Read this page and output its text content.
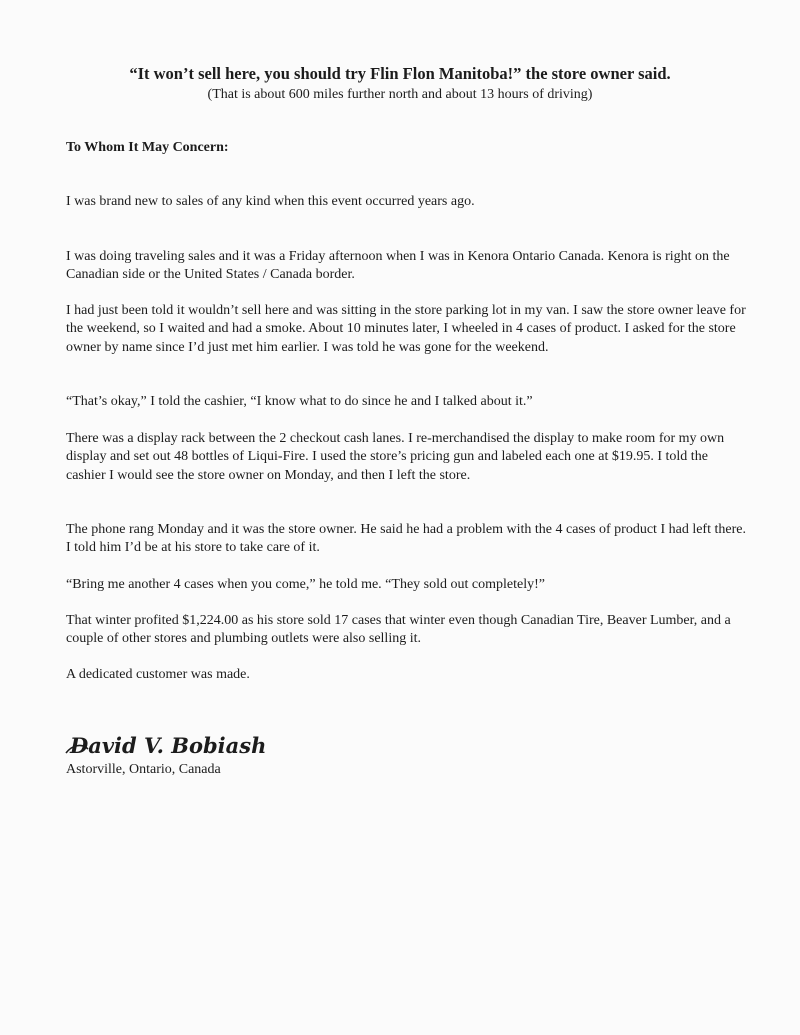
“It won’t sell here, you should try Flin Flon Manitoba!” the store owner said.

(That is about 600 miles further north and about 13 hours of driving)

To Whom It May Concern:

I was brand new to sales of any kind when this event occurred years ago.

I was doing traveling sales and it was a Friday afternoon when I was in Kenora Ontario Canada. Kenora is right on the Canadian side or the United States / Canada border.

I had just been told it wouldn’t sell here and was sitting in the store parking lot in my van. I saw the store owner leave for the weekend, so I waited and had a smoke. About 10 minutes later, I wheeled in 4 cases of product. I asked for the store owner by name since I’d just met him earlier. I was told he was gone for the weekend.

“That’s okay,” I told the cashier, “I know what to do since he and I talked about it.”

There was a display rack between the 2 checkout cash lanes. I re-merchandised the display to make room for my own display and set out 48 bottles of Liqui-Fire. I used the store’s pricing gun and labeled each one at $19.95. I told the cashier I would see the store owner on Monday, and then I left the store.

The phone rang Monday and it was the store owner. He said he had a problem with the 4 cases of product I had left there. I told him I’d be at his store to take care of it.

“Bring me another 4 cases when you come,” he told me. “They sold out completely!”

That winter profited $1,224.00 as his store sold 17 cases that winter even though Canadian Tire, Beaver Lumber, and a couple of other stores and plumbing outlets were also selling it.

A dedicated customer was made.

David V. Bobiash

Astorville, Ontario, Canada
